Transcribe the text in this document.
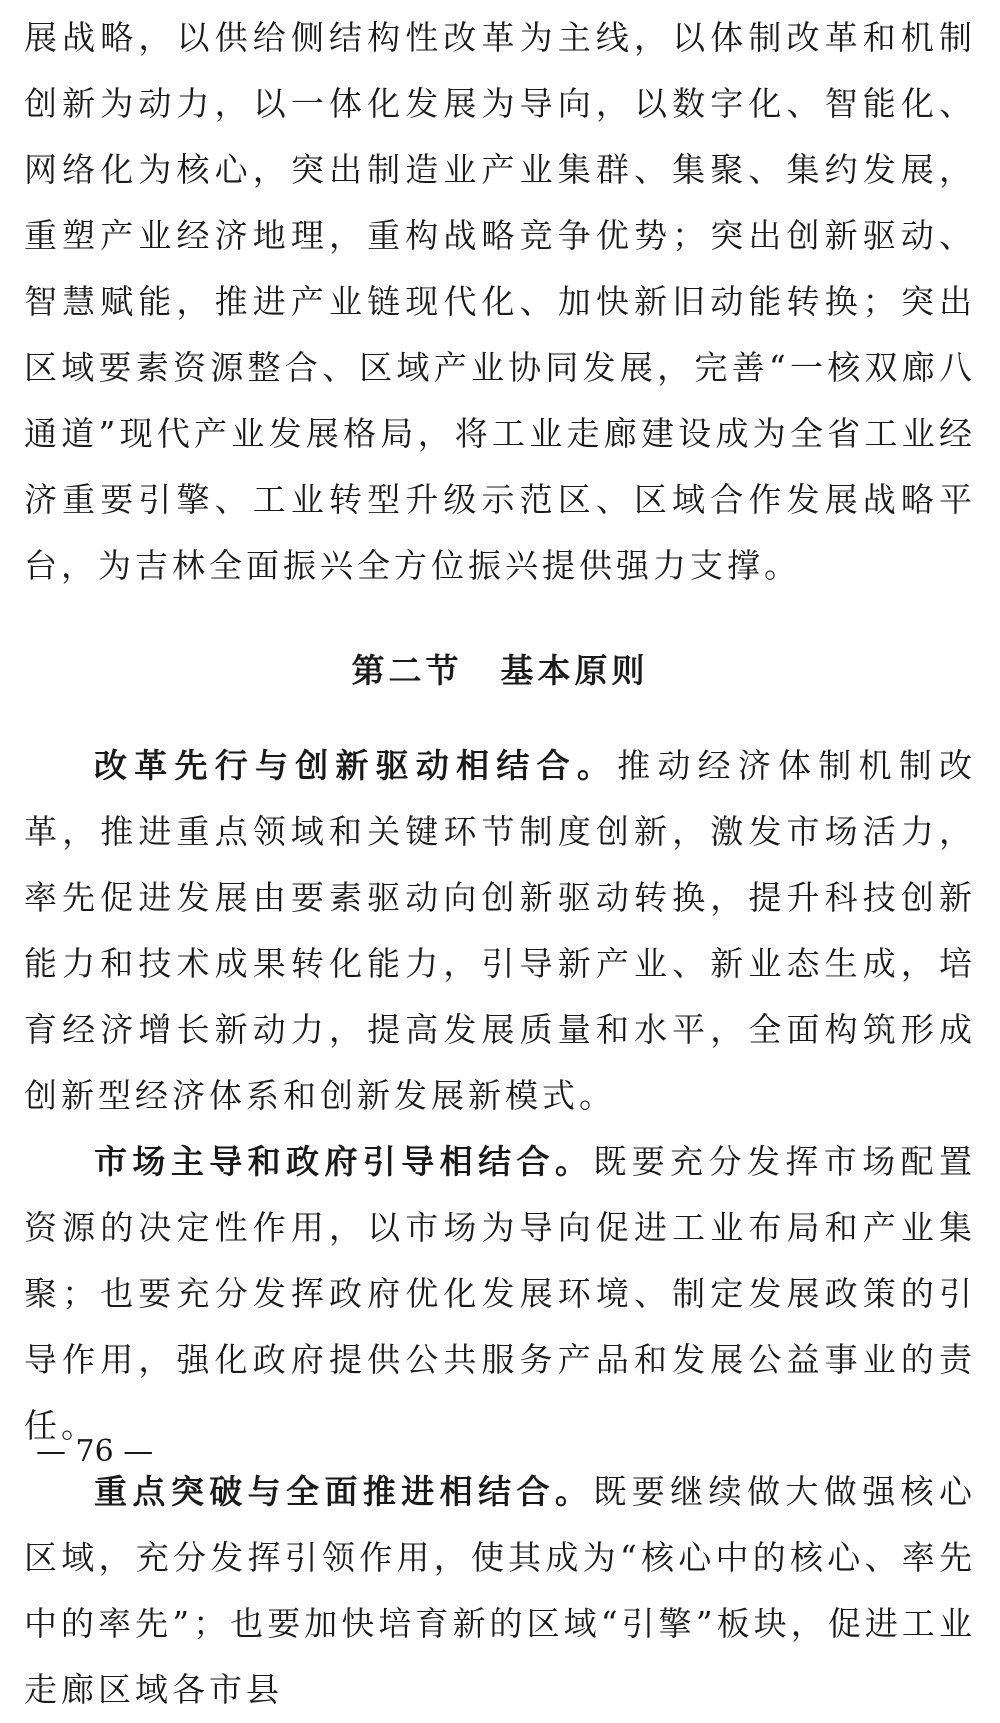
展战略，以供给侧结构性改革为主线，以体制改革和机制创新为动力，以一体化发展为导向，以数字化、智能化、网络化为核心，突出制造业产业集群、集聚、集约发展，重塑产业经济地理，重构战略竞争优势；突出创新驱动、智慧赋能，推进产业链现代化、加快新旧动能转换；突出区域要素资源整合、区域产业协同发展，完善“一核双廊八通道”现代产业发展格局，将工业走廊建设成为全省工业经济重要引擎、工业转型升级示范区、区域合作发展战略平台，为吉林全面振兴全方位振兴提供强力支撑。

第二节 基本原则

改革先行与创新驱动相结合。推动经济体制机制改革，推进重点领域和关键环节制度创新，激发市场活力，率先促进发展由要素驱动向创新驱动转换，提升科技创新能力和技术成果转化能力，引导新产业、新业态生成，培育经济增长新动力，提高发展质量和水平，全面构筑形成创新型经济体系和创新发展新模式。

市场主导和政府引导相结合。既要充分发挥市场配置资源的决定性作用，以市场为导向促进工业布局和产业集聚；也要充分发挥政府优化发展环境、制定发展政策的引导作用，强化政府提供公共服务产品和发展公益事业的责任。

重点突破与全面推进相结合。既要继续做大做强核心区域，充分发挥引领作用，使其成为“核心中的核心、率先中的率先”；也要加快培育新的区域“引擎”板块，促进工业走廊区域各市县

— 76 —
